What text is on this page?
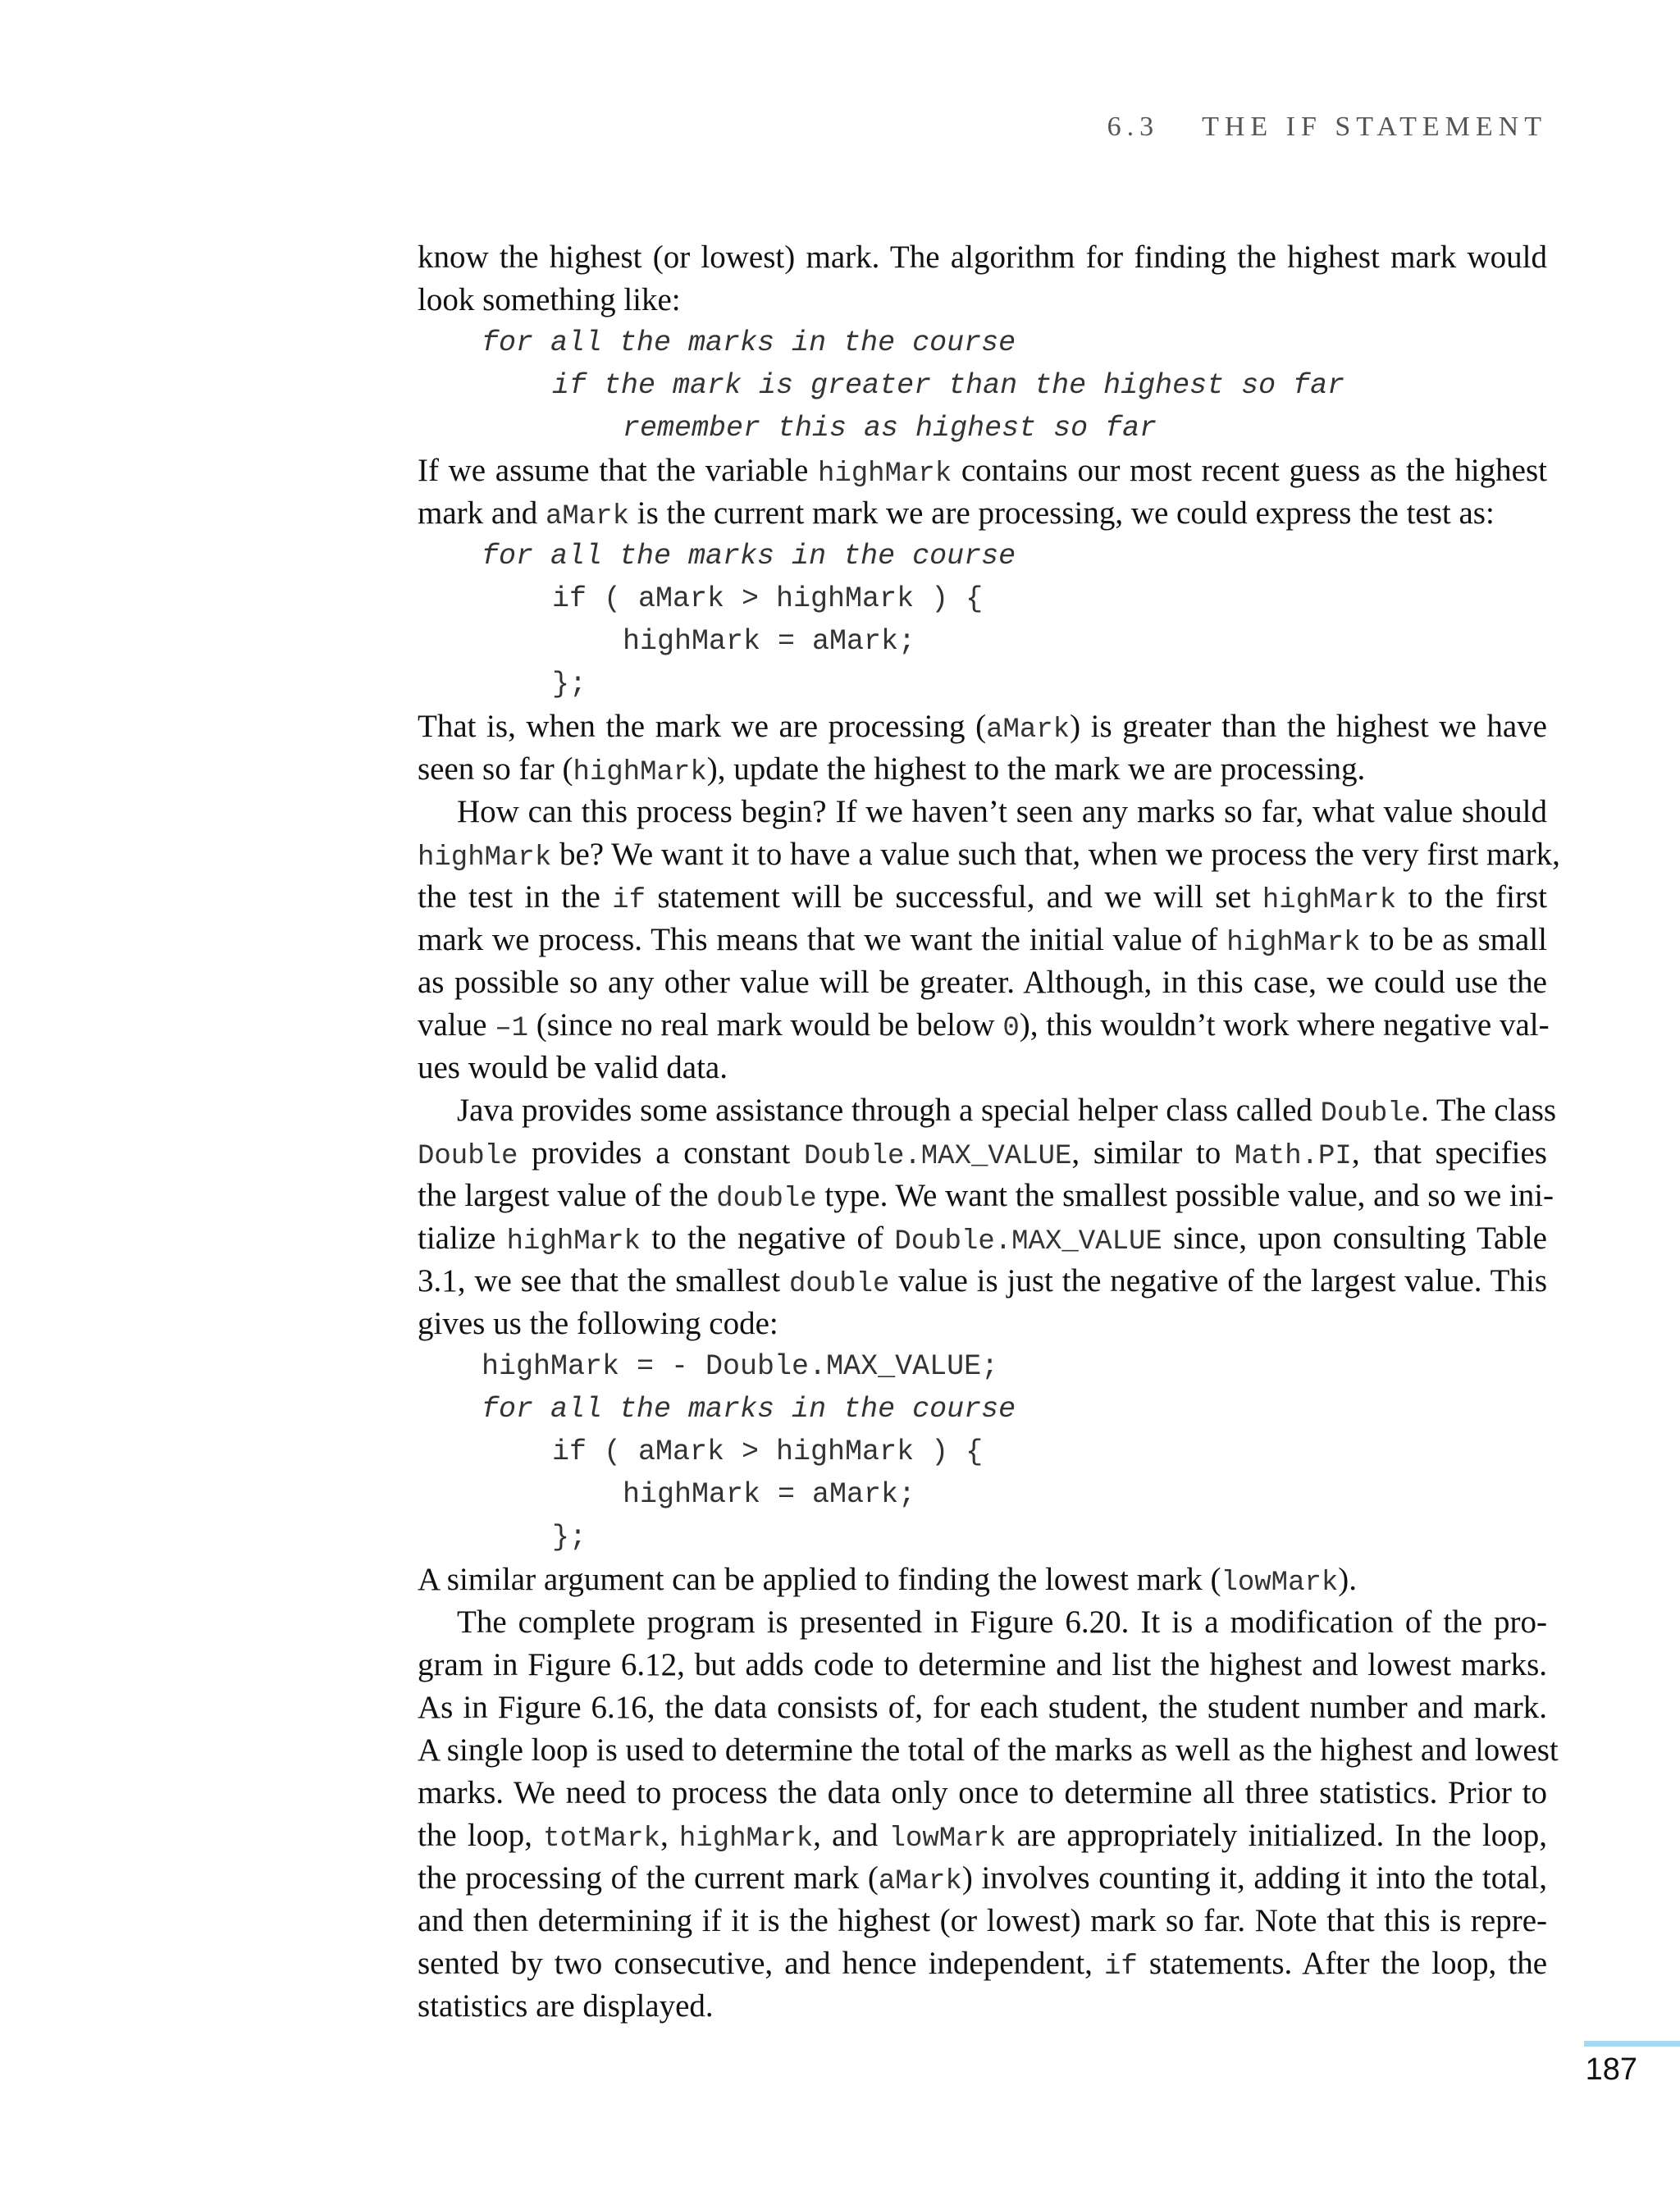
6.3 THE IF STATEMENT
know the highest (or lowest) mark. The algorithm for finding the highest mark would
look something like:
for all the marks in the course
if the mark is greater than the highest so far
remember this as highest so far
If we assume that the variable highMark contains our most recent guess as the highest
mark and aMark is the current mark we are processing, we could express the test as:
for all the marks in the course
if ( aMark > highMark ) {
highMark = aMark;
};
That is, when the mark we are processing (aMark) is greater than the highest we have
seen so far (highMark), update the highest to the mark we are processing.
How can this process begin? If we haven’t seen any marks so far, what value should
highMark be? We want it to have a value such that, when we process the very first mark,
the test in the if statement will be successful, and we will set highMark to the first
mark we process. This means that we want the initial value of highMark to be as small
as possible so any other value will be greater. Although, in this case, we could use the
value –1 (since no real mark would be below 0), this wouldn’t work where negative val-
ues would be valid data.
Java provides some assistance through a special helper class called Double. The class
Double provides a constant Double.MAX_VALUE, similar to Math.PI, that specifies
the largest value of the double type. We want the smallest possible value, and so we ini-
tialize highMark to the negative of Double.MAX_VALUE since, upon consulting Table
3.1, we see that the smallest double value is just the negative of the largest value. This
gives us the following code:
highMark = - Double.MAX_VALUE;
for all the marks in the course
if ( aMark > highMark ) {
highMark = aMark;
};
A similar argument can be applied to finding the lowest mark (lowMark).
The complete program is presented in Figure 6.20. It is a modification of the pro-
gram in Figure 6.12, but adds code to determine and list the highest and lowest marks.
As in Figure 6.16, the data consists of, for each student, the student number and mark.
A single loop is used to determine the total of the marks as well as the highest and lowest
marks. We need to process the data only once to determine all three statistics. Prior to
the loop, totMark, highMark, and lowMark are appropriately initialized. In the loop,
the processing of the current mark (aMark) involves counting it, adding it into the total,
and then determining if it is the highest (or lowest) mark so far. Note that this is repre-
sented by two consecutive, and hence independent, if statements. After the loop, the
statistics are displayed.
187
